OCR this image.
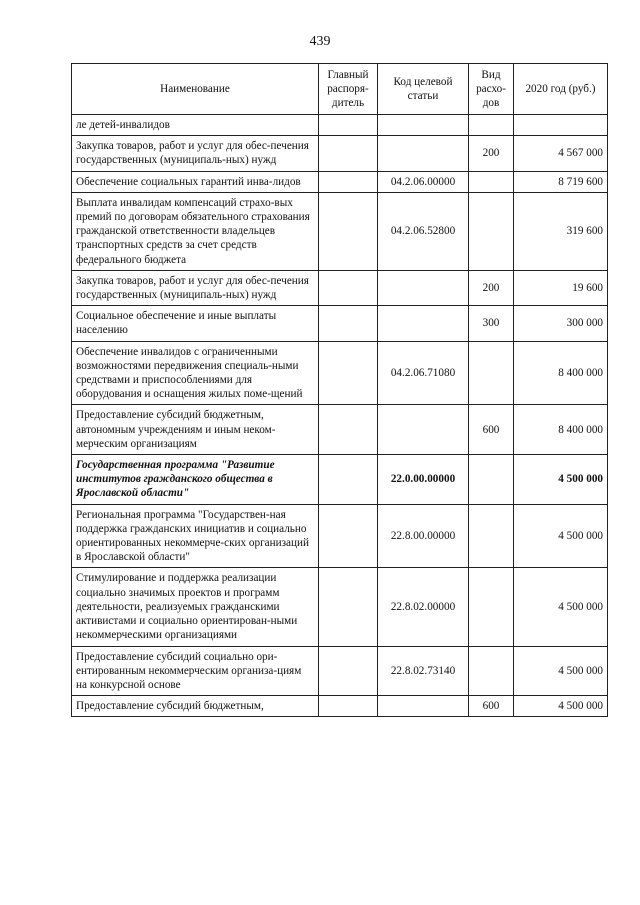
439
Наименование	Главный распоря-дитель	Код целевой статьи	Вид расхо-дов	2020 год (руб.)
ле детей-инвалидов				
Закупка товаров, работ и услуг для обес-печения государственных (муниципаль-ных) нужд			200	4 567 000
Обеспечение социальных гарантий инва-лидов		04.2.06.00000		8 719 600
Выплата инвалидам компенсаций страхо-вых премий по договорам обязательного страхования гражданской ответственности владельцев транспортных средств за счет средств федерального бюджета		04.2.06.52800		319 600
Закупка товаров, работ и услуг для обес-печения государственных (муниципаль-ных) нужд			200	19 600
Социальное обеспечение и иные выплаты населению			300	300 000
Обеспечение инвалидов с ограниченными возможностями передвижения специаль-ными средствами и приспособлениями для оборудования и оснащения жилых поме-щений		04.2.06.71080		8 400 000
Предоставление субсидий бюджетным, автономным учреждениям и иным неком-мерческим организациям			600	8 400 000
Государственная программа "Развитие институтов гражданского общества в Ярославской области"		22.0.00.00000		4 500 000
Региональная программа "Государствен-ная поддержка гражданских инициатив и социально ориентированных некоммерче-ских организаций в Ярославской области"		22.8.00.00000		4 500 000
Стимулирование и поддержка реализации социально значимых проектов и программ деятельности, реализуемых гражданскими активистами и социально ориентирован-ными некоммерческими организациями		22.8.02.00000		4 500 000
Предоставление субсидий социально ори-ентированным некоммерческим организа-циям на конкурсной основе		22.8.02.73140		4 500 000
Предоставление субсидий бюджетным,			600	4 500 000
